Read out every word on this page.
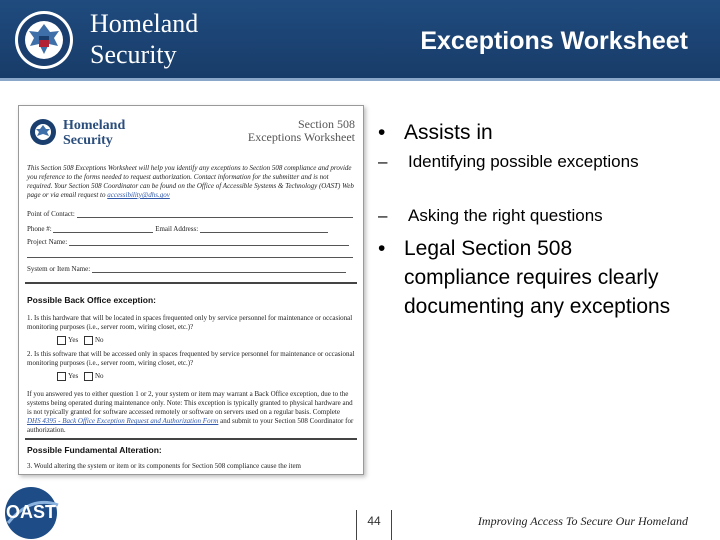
Homeland
Security	Exceptions Worksheet
Homeland
Security
Section 508
Exceptions Worksheet
This Section 508 Exceptions Worksheet will help you identify any exceptions to Section 508 compliance and provide you reference to the forms needed to request authorization. Contact information for the submitter and is not required. Your Section 508 Coordinator can be found on the Office of Accessible Systems & Technology (OAST) Web page or via email request to accessibility@dhs.gov
Point of Contact:
Phone #:	Email Address:
Project Name:
System or Item Name:
Possible Back Office exception:
1. Is this hardware that will be located in spaces frequented only by service personnel for maintenance or occasional monitoring purposes (i.e., server room, wiring closet, etc.)?
Yes No
2. Is this software that will be accessed only in spaces frequented by service personnel for maintenance or occasional monitoring purposes (i.e., server room, wiring closet, etc.)?
Yes No
If you answered yes to either question 1 or 2, your system or item may warrant a Back Office exception, due to the systems being operated during maintenance only. Note: This exception is typically granted to physical hardware and is not typically granted for software accessed remotely or software on servers used on a regular basis. Complete DHS 4395 - Back Office Exception Request and Authorization Form and submit to your Section 508 Coordinator for authorization.
Possible Fundamental Alteration:
3. Would altering the system or item or its components for Section 508 compliance cause the item
• Assists in
– Identifying possible exceptions
– Asking the right questions
• Legal Section 508 compliance requires clearly documenting any exceptions
OAST	44	Improving Access To Secure Our Homeland
